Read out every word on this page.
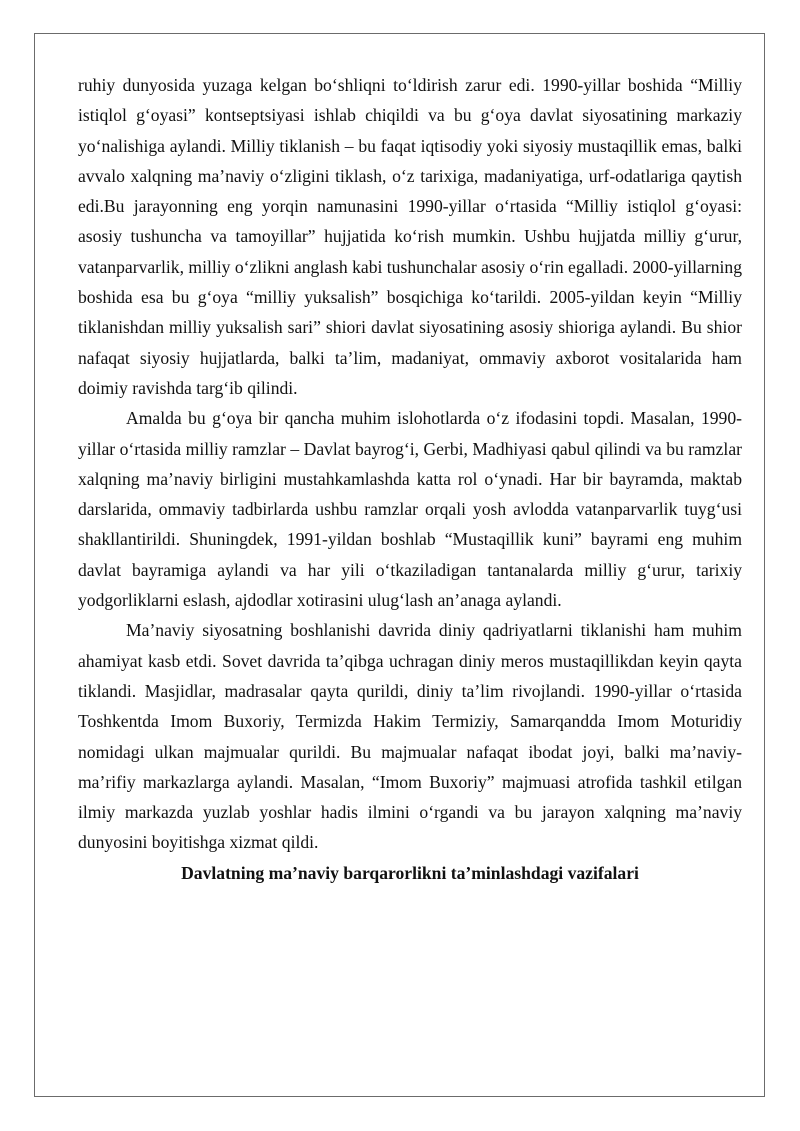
ruhiy dunyosida yuzaga kelgan bo‘shliqni to‘ldirish zarur edi. 1990-yillar boshida “Milliy istiqlol g‘oyasi” kontseptsiyasi ishlab chiqildi va bu g‘oya davlat siyosatining markaziy yo‘nalishiga aylandi. Milliy tiklanish – bu faqat iqtisodiy yoki siyosiy mustaqillik emas, balki avvalo xalqning ma’naviy o‘zligini tiklash, o‘z tarixiga, madaniyatiga, urf-odatlariga qaytish edi.Bu jarayonning eng yorqin namunasini 1990-yillar o‘rtasida “Milliy istiqlol g‘oyasi: asosiy tushuncha va tamoyillar” hujjatida ko‘rish mumkin. Ushbu hujjatda milliy g‘urur, vatanparvarlik, milliy o‘zlikni anglash kabi tushunchalar asosiy o‘rin egalladi. 2000-yillarning boshida esa bu g‘oya “milliy yuksalish” bosqichiga ko‘tarildi. 2005-yildan keyin “Milliy tiklanishdan milliy yuksalish sari” shiori davlat siyosatining asosiy shioriga aylandi. Bu shior nafaqat siyosiy hujjatlarda, balki ta’lim, madaniyat, ommaviy axborot vositalarida ham doimiy ravishda targ‘ib qilindi.

Amalda bu g‘oya bir qancha muhim islohotlarda o‘z ifodasini topdi. Masalan, 1990-yillar o‘rtasida milliy ramzlar – Davlat bayrog‘i, Gerbi, Madhiyasi qabul qilindi va bu ramzlar xalqning ma’naviy birligini mustahkamlashda katta rol o‘ynadi. Har bir bayramda, maktab darslarida, ommaviy tadbirlarda ushbu ramzlar orqali yosh avlodda vatanparvarlik tuyg‘usi shakllantirildi. Shuningdek, 1991-yildan boshlab “Mustaqillik kuni” bayrami eng muhim davlat bayramiga aylandi va har yili o‘tkaziladigan tantanalarda milliy g‘urur, tarixiy yodgorliklarni eslash, ajdodlar xotirasini ulug‘lash an’anaga aylandi.

Ma’naviy siyosatning boshlanishi davrida diniy qadriyatlarni tiklanishi ham muhim ahamiyat kasb etdi. Sovet davrida ta’qibga uchragan diniy meros mustaqillikdan keyin qayta tiklandi. Masjidlar, madrasalar qayta qurildi, diniy ta’lim rivojlandi. 1990-yillar o‘rtasida Toshkentda Imom Buxoriy, Termizda Hakim Termiziy, Samarqandda Imom Moturidiy nomidagi ulkan majmualar qurildi. Bu majmualar nafaqat ibodat joyi, balki ma’naviy-ma’rifiy markazlarga aylandi. Masalan, “Imom Buxoriy” majmuasi atrofida tashkil etilgan ilmiy markazda yuzlab yoshlar hadis ilmini o‘rgandi va bu jarayon xalqning ma’naviy dunyosini boyitishga xizmat qildi.

Davlatning ma’naviy barqarorlikni ta’minlashdagi vazifalari
